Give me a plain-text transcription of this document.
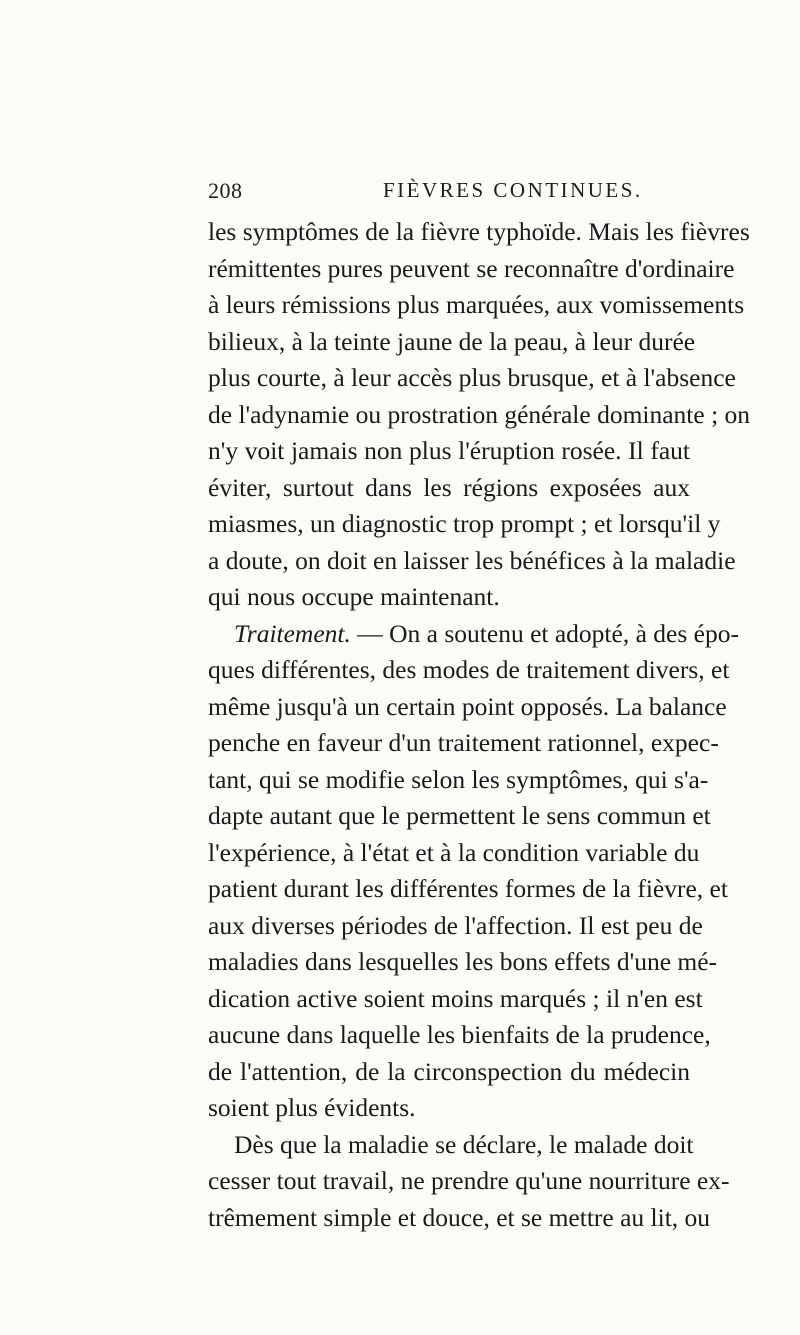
208	FIÈVRES CONTINUES.
les symptômes de la fièvre typhoïde. Mais les fièvres
rémittentes pures peuvent se reconnaître d'ordinaire
à leurs rémissions plus marquées, aux vomissements
bilieux, à la teinte jaune de la peau, à leur durée
plus courte, à leur accès plus brusque, et à l'absence
de l'adynamie ou prostration générale dominante ; on
n'y voit jamais non plus l'éruption rosée. Il faut
éviter, surtout dans les régions exposées aux
miasmes, un diagnostic trop prompt ; et lorsqu'il y
a doute, on doit en laisser les bénéfices à la maladie
qui nous occupe maintenant.
Traitement. — On a soutenu et adopté, à des épo-
ques différentes, des modes de traitement divers, et
même jusqu'à un certain point opposés. La balance
penche en faveur d'un traitement rationnel, expec-
tant, qui se modifie selon les symptômes, qui s'a-
dapte autant que le permettent le sens commun et
l'expérience, à l'état et à la condition variable du
patient durant les différentes formes de la fièvre, et
aux diverses périodes de l'affection. Il est peu de
maladies dans lesquelles les bons effets d'une mé-
dication active soient moins marqués ; il n'en est
aucune dans laquelle les bienfaits de la prudence,
de l'attention, de la circonspection du médecin
soient plus évidents.
Dès que la maladie se déclare, le malade doit
cesser tout travail, ne prendre qu'une nourriture ex-
trêmement simple et douce, et se mettre au lit, ou
